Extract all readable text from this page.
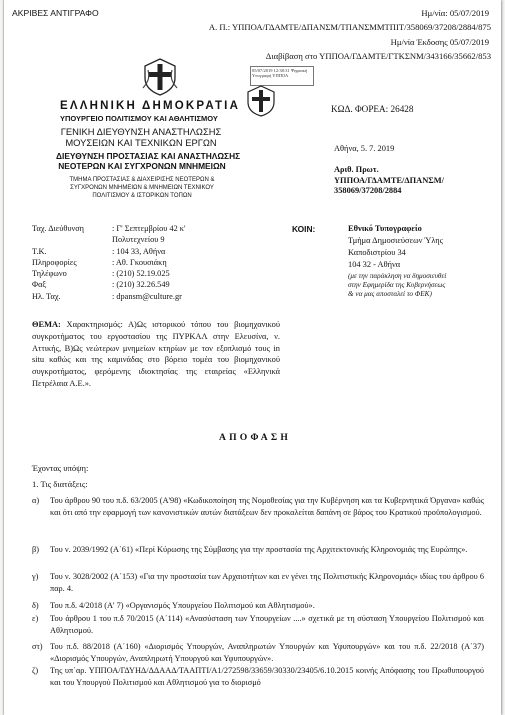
ΑΚΡΙΒΕΣ ΑΝΤΙΓΡΑΦΟ	Ημ/νία: 05/07/2019
Α. Π.: ΥΠΠΟΑ/ΓΔΑΜΤΕ/ΔΠΑΝΣΜ/ΤΠΑΝΣΜΜΤΠΙΤ/358069/37208/2884/875
Ημ/νία Έκδοσης 05/07/2019
Διαβίβαση στο ΥΠΠΟΑ/ΓΔΑΜΤΕ/ΓΤΚΣΝΜ/343166/35662/853
05/07/2019 12:38:31 Ψηφιακή Υπογραφή ΥΠΠΟΑ
ΕΛΛΗΝΙΚΗ ΔΗΜΟΚΡΑΤΙΑ
ΥΠΟΥΡΓΕΙΟ ΠΟΛΙΤΙΣΜΟΥ ΚΑΙ ΑΘΛΗΤΙΣΜΟΥ
ΓΕΝΙΚΗ ΔΙΕΥΘΥΝΣΗ ΑΝΑΣΤΗΛΩΣΗΣ
ΜΟΥΣΕΙΩΝ ΚΑΙ ΤΕΧΝΙΚΩΝ ΕΡΓΩΝ
ΔΙΕΥΘΥΝΣΗ ΠΡΟΣΤΑΣΙΑΣ ΚΑΙ ΑΝΑΣΤΗΛΩΣΗΣ
ΝΕΟΤΕΡΩΝ ΚΑΙ ΣΥΓΧΡΟΝΩΝ ΜΝΗΜΕΙΩΝ
ΤΜΗΜΑ ΠΡΟΣΤΑΣΙΑΣ & ΔΙΑΧΕΙΡΙΣΗΣ ΝΕΟΤΕΡΩΝ &
ΣΥΓΧΡΟΝΩΝ ΜΝΗΜΕΙΩΝ & ΜΝΗΜΕΙΩΝ ΤΕΧΝΙΚΟΥ
ΠΟΛΙΤΙΣΜΟΥ & ΙΣΤΟΡΙΚΩΝ ΤΟΠΩΝ
ΚΩΔ. ΦΟΡΕΑ: 26428
Αθήνα, 5. 7. 2019
Αριθ. Πρωτ.
ΥΠΠΟΑ/ΓΔΑΜΤΕ/ΔΠΑΝΣΜ/
358069/37208/2884
Ταχ. Διεύθυνση	: Γ' Σεπτεμβρίου 42 κ'
Πολυτεχνείου 9
Τ.Κ.	: 104 33, Αθήνα
Πληροφορίες	: Αθ. Γκουσιάκη
Τηλέφωνο	: (210) 52.19.025
Φαξ	: (210) 32.26.549
Ηλ. Ταχ.	: dpansm@culture.gr
ΚΟΙΝ:	Εθνικό Τυπογραφείο
Τμήμα Δημοσιεύσεων Ύλης
Καποδιστρίου 34
104 32 - Αθήνα
(με την παράκληση να δημοσιευθεί
στην Εφημερίδα της Κυβερνήσεως
& να μας αποσταλεί το ΦΕΚ)
ΘΕΜΑ: Χαρακτηρισμός: Α)Ως ιστορικού τόπου του βιομηχανικού συγκροτήματος του εργοστασίου της ΠΥΡΚΑΛ στην Ελευσίνα, ν. Αττικής, Β)Ως νεώτερων μνημείων κτηρίων με τον εξοπλισμό τους in situ καθώς και της καμινάδας στο βόρειο τομέα του βιομηχανικού συγκροτήματος, φερόμενης ιδιοκτησίας της εταιρείας «Ελληνικά Πετρέλαια Α.Ε.».
ΑΠΟΦΑΣΗ
Έχοντας υπόψη:
1. Τις διατάξεις:
α) Του άρθρου 90 του π.δ. 63/2005 (Α'98) «Κωδικοποίηση της Νομοθεσίας για την Κυβέρνηση και τα Κυβερνητικά Όργανα» καθώς και ότι από την εφαρμογή των κανονιστικών αυτών διατάξεων δεν προκαλείται δαπάνη σε βάρος του Κρατικού προϋπολογισμού.
β) Του ν. 2039/1992 (Α΄61) «Περί Κύρωσης της Σύμβασης για την προστασία της Αρχιτεκτονικής Κληρονομιάς της Ευρώπης».
γ) Του ν. 3028/2002 (Α΄153) «Για την προστασία των Αρχαιοτήτων και εν γένει της Πολιτιστικής Κληρονομιάς» ιδίως του άρθρου 6 παρ. 4.
δ) Του π.δ. 4/2018 (Α' 7) «Οργανισμός Υπουργείου Πολιτισμού και Αθλητισμού».
ε) Του άρθρου 1 του π.δ 70/2015 (Α΄114) «Ανασύσταση των Υπουργείων ....» σχετικά με τη σύσταση Υπουργείου Πολιτισμού και Αθλητισμού.
στ) Του π.δ. 88/2018 (Α΄160) «Διορισμός Υπουργών, Αναπληρωτών Υπουργών και Υφυπουργών» και του π.δ. 22/2018 (Α΄37) «Διορισμός Υπουργών, Αναπληρωτή Υπουργού και Υφυπουργών».
ζ) Της υπ΄αρ. ΥΠΠΟΑ/ΓΔΥΗΔ/ΔΔΑΑΔ/ΤΑΑΠΤΙ/Α1/272598/33659/30330/23405/6.10.2015 κοινής Απόφασης του Πρωθυπουργού και του Υπουργού Πολιτισμού και Αθλητισμού για το διορισμό
